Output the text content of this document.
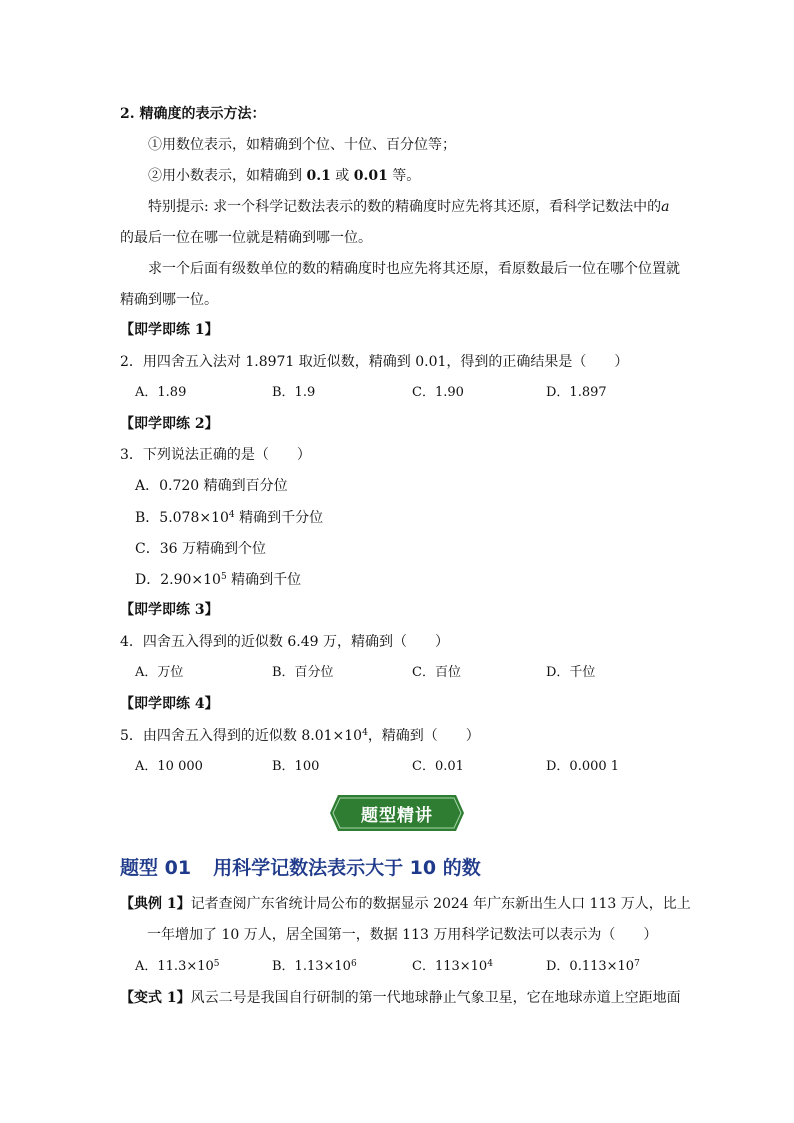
2. 精确度的表示方法：
①用数位表示，如精确到个位、十位、百分位等；
②用小数表示，如精确到 0.1 或 0.01 等。
特别提示: 求一个科学记数法表示的数的精确度时应先将其还原，看科学记数法中的a
的最后一位在哪一位就是精确到哪一位。
求一个后面有级数单位的数的精确度时也应先将其还原，看原数最后一位在哪个位置就
精确到哪一位。
【即学即练 1】
2．用四舍五入法对 1.8971 取近似数，精确到 0.01，得到的正确结果是（　　）
A．1.89	B．1.9	C．1.90	D．1.897
【即学即练 2】
3．下列说法正确的是（　　）
A．0.720 精确到百分位
B．$5.078\times 10^4$ 精确到千分位
C．36 万精确到个位
D．$2.90\times 10^5$ 精确到千位
【即学即练 3】
4．四舍五入得到的近似数 6.49 万，精确到（　　）
A．万位	B．百分位	C．百位	D．千位
【即学即练 4】
5．由四舍五入得到的近似数 $8.01\times 10^4$，精确到（　　）
A．10 000	B．100	C．0.01	D．0.000 1
题型精讲
题型 01 用科学记数法表示大于 10 的数
【典例 1】记者查阅广东省统计局公布的数据显示 2024 年广东新出生人口 113 万人，比上
一年增加了 10 万人，居全国第一，数据 113 万用科学记数法可以表示为（　　）
A．$11.3\times 10^5$	B．$1.13\times 10^6$	C．$113\times 10^4$	D．$0.113\times 10^7$
【变式 1】风云二号是我国自行研制的第一代地球静止气象卫星，它在地球赤道上空距地面
